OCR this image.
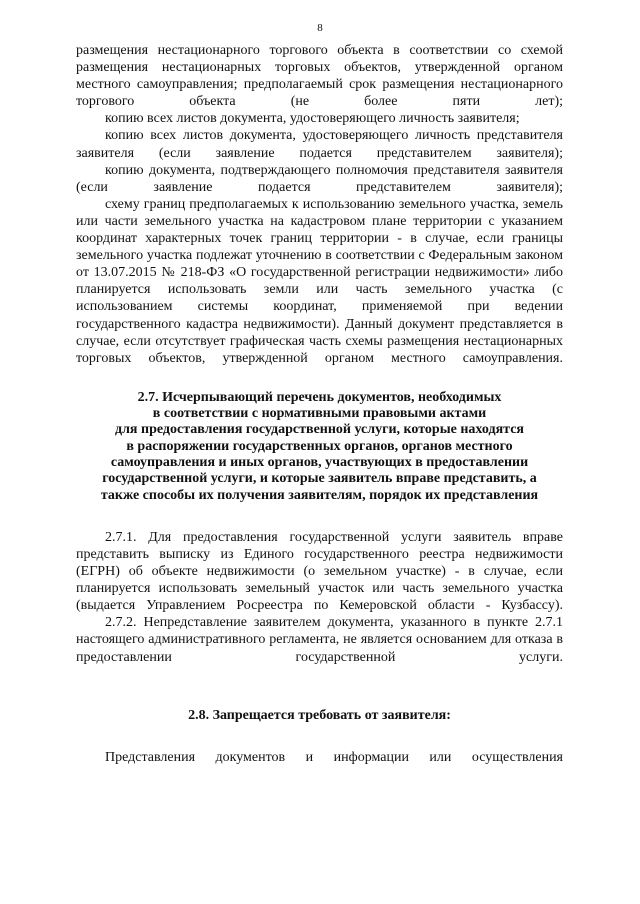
8

размещения нестационарного торгового объекта в соответствии со схемой размещения нестационарных торговых объектов, утвержденной органом местного самоуправления; предполагаемый срок размещения нестационарного торгового объекта (не более пяти лет);

копию всех листов документа, удостоверяющего личность заявителя;

копию всех листов документа, удостоверяющего личность представителя заявителя (если заявление подается представителем заявителя);

копию документа, подтверждающего полномочия представителя заявителя (если заявление подается представителем заявителя);

схему границ предполагаемых к использованию земельного участка, земель или части земельного участка на кадастровом плане территории с указанием координат характерных точек границ территории - в случае, если границы земельного участка подлежат уточнению в соответствии с Федеральным законом от 13.07.2015 № 218-ФЗ «О государственной регистрации недвижимости» либо планируется использовать земли или часть земельного участка (с использованием системы координат, применяемой при ведении государственного кадастра недвижимости). Данный документ представляется в случае, если отсутствует графическая часть схемы размещения нестационарных торговых объектов, утвержденной органом местного самоуправления.

2.7. Исчерпывающий перечень документов, необходимых
в соответствии с нормативными правовыми актами
для предоставления государственной услуги, которые находятся
в распоряжении государственных органов, органов местного
самоуправления и иных органов, участвующих в предоставлении
государственной услуги, и которые заявитель вправе представить, а
также способы их получения заявителям, порядок их представления

2.7.1. Для предоставления государственной услуги заявитель вправе представить выписку из Единого государственного реестра недвижимости (ЕГРН) об объекте недвижимости (о земельном участке) - в случае, если планируется использовать земельный участок или часть земельного участка (выдается Управлением Росреестра по Кемеровской области - Кузбассу).

2.7.2. Непредставление заявителем документа, указанного в пункте 2.7.1 настоящего административного регламента, не является основанием для отказа в предоставлении государственной услуги.

2.8. Запрещается требовать от заявителя:

Представления документов и информации или осуществления
